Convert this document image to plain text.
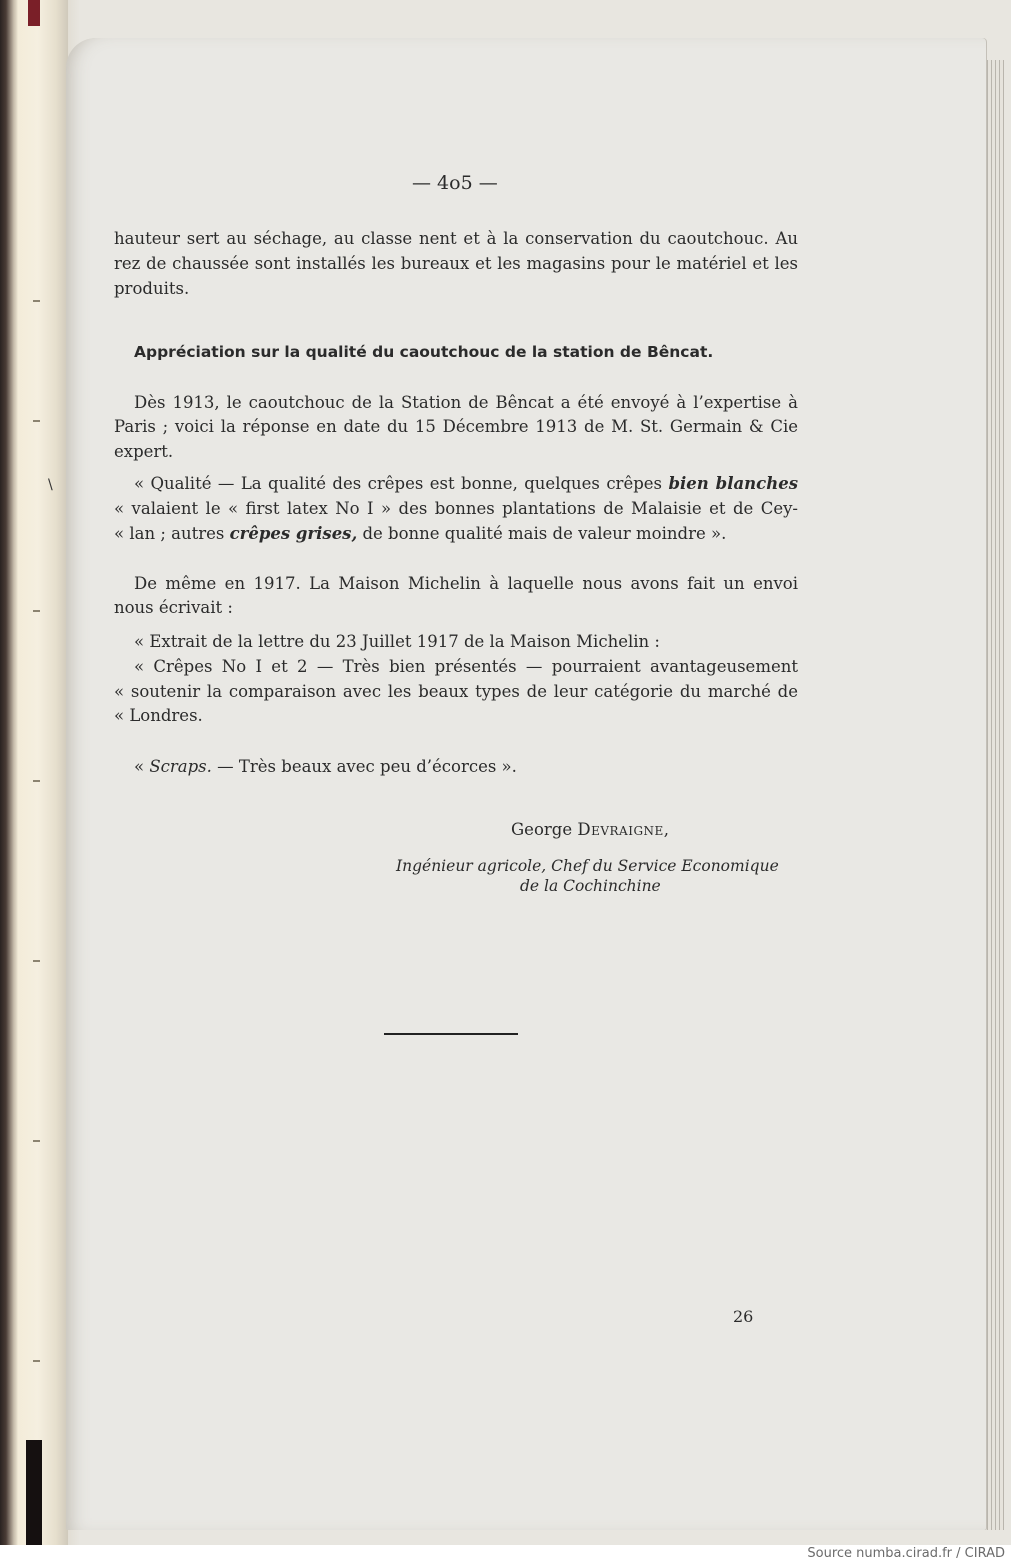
\
— 4o5 —
hauteur sert au séchage, au classe nent et à la conservation du caoutchouc. Au
rez de chaussée sont installés les bureaux et les magasins pour le matériel et les
produits.
Appréciation sur la qualité du caoutchouc de la station de Bêncat.
Dès 1913, le caoutchouc de la Station de Bêncat a été envoyé à l’expertise à
Paris ; voici la réponse en date du 15 Décembre 1913 de M. St. Germain & Cie
expert.
« Qualité — La qualité des crêpes est bonne, quelques crêpes bien blanches
« valaient le « first latex No I » des bonnes plantations de Malaisie et de Cey-
« lan ; autres crêpes grises, de bonne qualité mais de valeur moindre ».
De même en 1917. La Maison Michelin à laquelle nous avons fait un envoi
nous écrivait :
« Extrait de la lettre du 23 Juillet 1917 de la Maison Michelin :
« Crêpes No I et 2 — Très bien présentés — pourraient avantageusement
« soutenir la comparaison avec les beaux types de leur catégorie du marché de
« Londres.
« Scraps. — Très beaux avec peu d’écorces ».
George Devraigne,
Ingénieur agricole, Chef du Service Economique
de la Cochinchine
26
Source numba.cirad.fr / CIRAD
